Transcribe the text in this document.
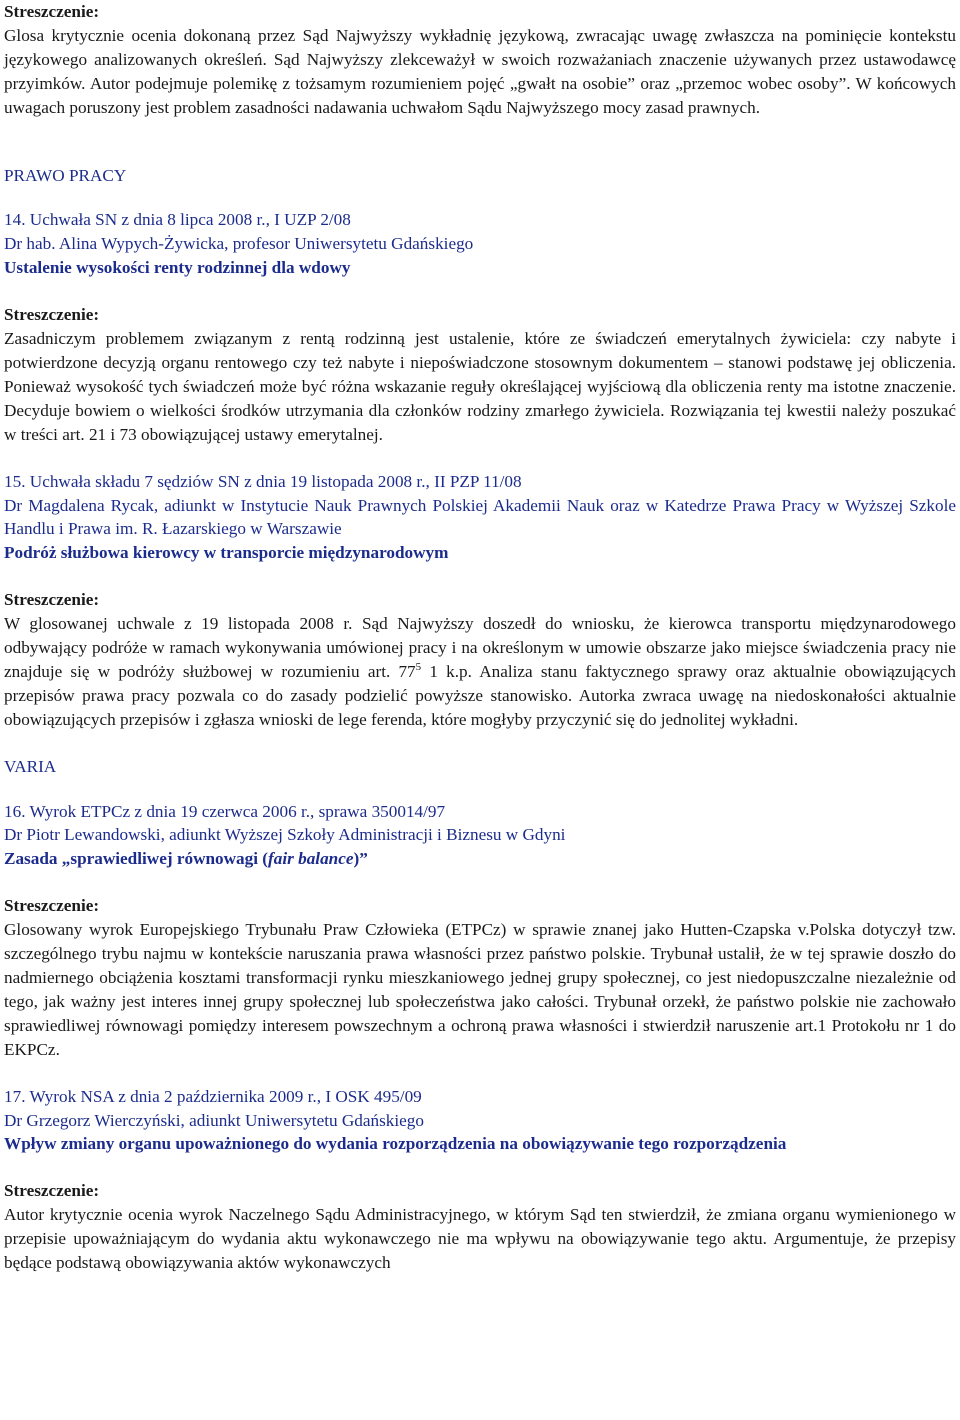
Streszczenie:

Glosa krytycznie ocenia dokonaną przez Sąd Najwyższy wykładnię językową, zwracając uwagę zwłaszcza na pominięcie kontekstu językowego analizowanych określeń. Sąd Najwyższy zlekceważył w swoich rozważaniach znaczenie używanych przez ustawodawcę przyimków. Autor podejmuje polemikę z tożsamym rozumieniem pojęć „gwałt na osobie” oraz „przemoc wobec osoby”. W końcowych uwagach poruszony jest problem zasadności nadawania uchwałom Sądu Najwyższego mocy zasad prawnych.

PRAWO PRACY
14. Uchwała SN z dnia 8 lipca 2008 r., I UZP 2/08
Dr hab. Alina Wypych-Żywicka, profesor Uniwersytetu Gdańskiego
Ustalenie wysokości renty rodzinnej dla wdowy
Streszczenie:

Zasadniczym problemem związanym z rentą rodzinną jest ustalenie, które ze świadczeń emerytalnych żywiciela: czy nabyte i potwierdzone decyzją organu rentowego czy też nabyte i niepoświadczone stosownym dokumentem – stanowi podstawę jej obliczenia. Ponieważ wysokość tych świadczeń może być różna wskazanie reguły określającej wyjściową dla obliczenia renty ma istotne znaczenie. Decyduje bowiem o wielkości środków utrzymania dla członków rodziny zmarłego żywiciela. Rozwiązania tej kwestii należy poszukać w treści art. 21 i 73 obowiązującej ustawy emerytalnej.

15. Uchwała składu 7 sędziów SN z dnia 19 listopada 2008 r., II PZP 11/08

Dr Magdalena Rycak, adiunkt w Instytucie Nauk Prawnych Polskiej Akademii Nauk oraz w Katedrze Prawa Pracy w Wyższej Szkole Handlu i Prawa im. R. Łazarskiego w Warszawie

Podróż służbowa kierowcy w transporcie międzynarodowym
Streszczenie:

W glosowanej uchwale z 19 listopada 2008 r. Sąd Najwyższy doszedł do wniosku, że kierowca transportu międzynarodowego odbywający podróże w ramach wykonywania umówionej pracy i na określonym w umowie obszarze jako miejsce świadczenia pracy nie znajduje się w podróży służbowej w rozumieniu art. $77^5$ 1 k.p. Analiza stanu faktycznego sprawy oraz aktualnie obowiązujących przepisów prawa pracy pozwala co do zasady podzielić powyższe stanowisko. Autorka zwraca uwagę na niedoskonałości aktualnie obowiązujących przepisów i zgłasza wnioski de lege ferenda, które mogłyby przyczynić się do jednolitej wykładni.

VARIA
16. Wyrok ETPCz z dnia 19 czerwca 2006 r., sprawa 350014/97
Dr Piotr Lewandowski, adiunkt Wyższej Szkoły Administracji i Biznesu w Gdyni
Zasada „sprawiedliwej równowagi (fair balance)”
Streszczenie:

Glosowany wyrok Europejskiego Trybunału Praw Człowieka (ETPCz) w sprawie znanej jako Hutten-Czapska v.Polska dotyczył tzw. szczególnego trybu najmu w kontekście naruszania prawa własności przez państwo polskie. Trybunał ustalił, że w tej sprawie doszło do nadmiernego obciążenia kosztami transformacji rynku mieszkaniowego jednej grupy społecznej, co jest niedopuszczalne niezależnie od tego, jak ważny jest interes innej grupy społecznej lub społeczeństwa jako całości. Trybunał orzekł, że państwo polskie nie zachowało sprawiedliwej równowagi pomiędzy interesem powszechnym a ochroną prawa własności i stwierdził naruszenie art.1 Protokołu nr 1 do EKPCz.

17. Wyrok NSA z dnia 2 października 2009 r., I OSK 495/09
Dr Grzegorz Wierczyński, adiunkt Uniwersytetu Gdańskiego

Wpływ zmiany organu upoważnionego do wydania rozporządzenia na obowiązywanie tego rozporządzenia

Streszczenie:

Autor krytycznie ocenia wyrok Naczelnego Sądu Administracyjnego, w którym Sąd ten stwierdził, że zmiana organu wymienionego w przepisie upoważniającym do wydania aktu wykonawczego nie ma wpływu na obowiązywanie tego aktu. Argumentuje, że przepisy będące podstawą obowiązywania aktów wykonawczych
